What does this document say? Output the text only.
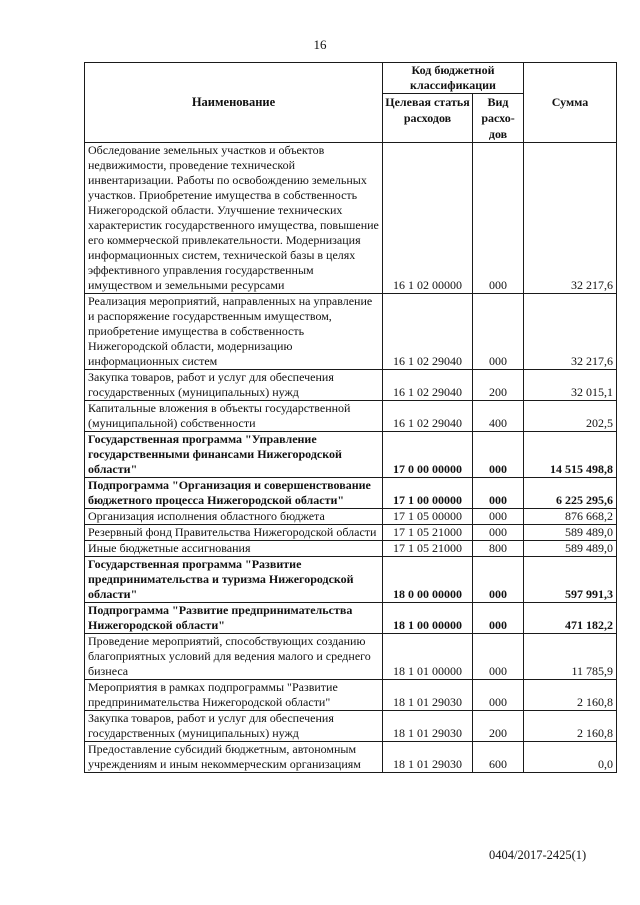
16
Наименование	Код бюджетной классификации		Сумма
	Целевая статья расходов	Вид расхо-дов	
Обследование земельных участков и объектов недвижимости, проведение технической инвентаризации. Работы по освобождению земельных участков. Приобретение имущества в собственность Нижегородской области. Улучшение технических характеристик государственного имущества, повышение его коммерческой привлекательности. Модернизация информационных систем, технической базы в целях эффективного управления государственным имуществом и земельными ресурсами	16 1 02 00000	000	32 217,6
Реализация мероприятий, направленных на управление и распоряжение государственным имуществом, приобретение имущества в собственность Нижегородской области, модернизацию информационных систем	16 1 02 29040	000	32 217,6
Закупка товаров, работ и услуг для обеспечения государственных (муниципальных) нужд	16 1 02 29040	200	32 015,1
Капитальные вложения в объекты государственной (муниципальной) собственности	16 1 02 29040	400	202,5
Государственная программа "Управление государственными финансами Нижегородской области"	17 0 00 00000	000	14 515 498,8
Подпрограмма "Организация и совершенствование бюджетного процесса Нижегородской области"	17 1 00 00000	000	6 225 295,6
Организация исполнения областного бюджета	17 1 05 00000	000	876 668,2
Резервный фонд Правительства Нижегородской области	17 1 05 21000	000	589 489,0
Иные бюджетные ассигнования	17 1 05 21000	800	589 489,0
Государственная программа "Развитие предпринимательства и туризма Нижегородской области"	18 0 00 00000	000	597 991,3
Подпрограмма "Развитие предпринимательства Нижегородской области"	18 1 00 00000	000	471 182,2
Проведение мероприятий, способствующих созданию благоприятных условий для ведения малого и среднего бизнеса	18 1 01 00000	000	11 785,9
Мероприятия в рамках подпрограммы "Развитие предпринимательства Нижегородской области"	18 1 01 29030	000	2 160,8
Закупка товаров, работ и услуг для обеспечения государственных (муниципальных) нужд	18 1 01 29030	200	2 160,8
Предоставление субсидий бюджетным, автономным учреждениям и иным некоммерческим организациям	18 1 01 29030	600	0,0
0404/2017-2425(1)
